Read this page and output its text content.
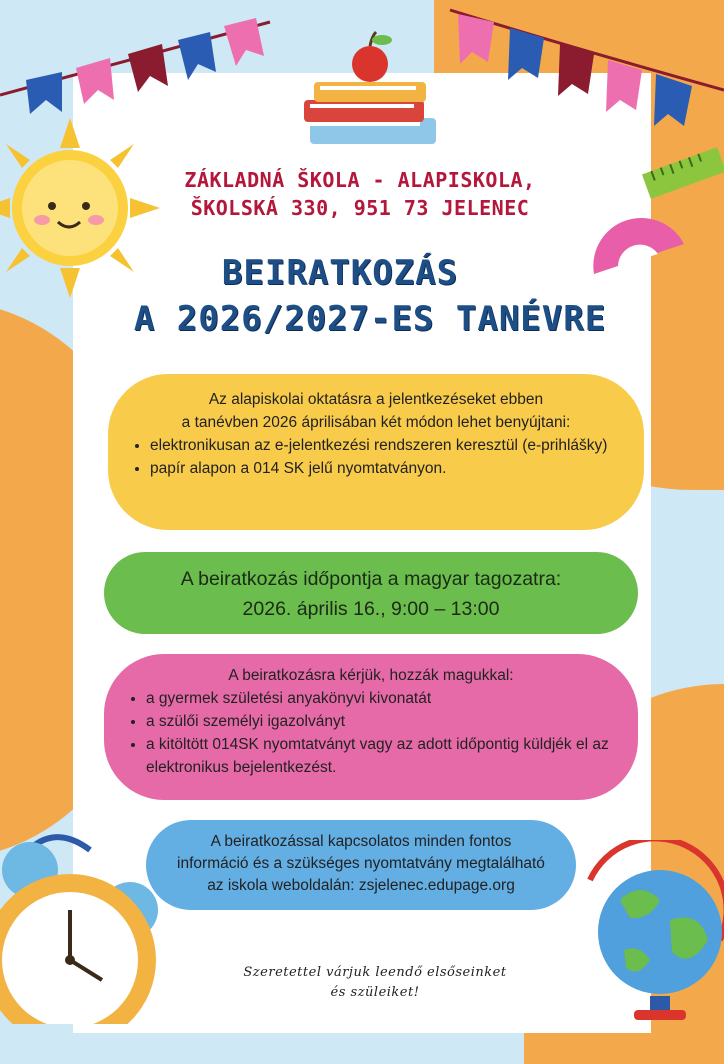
ZÁKLADNÁ ŠKOLA - ALAPISKOLA,
ŠKOLSKÁ 330, 951 73 JELENEC
BEIRATKOZÁS
A 2026/2027-ES TANÉVRE
Az alapiskolai oktatásra a jelentkezéseket ebben
a tanévben 2026 áprilisában két módon lehet benyújtani:
• elektronikusan az e-jelentkezési rendszeren keresztül (e-prihlášky)
• papír alapon a 014 SK jelű nyomtatványon.
A beiratkozás időpontja a magyar tagozatra:
2026. április 16., 9:00 – 13:00
A beiratkozásra kérjük, hozzák magukkal:
• a gyermek születési anyakönyvi kivonatát
• a szülői személyi igazolványt
• a kitöltött 014SK nyomtatványt vagy az adott időpontig küldjék el az elektronikus bejelentkezést.
A beiratkozással kapcsolatos minden fontos
információ és a szükséges nyomtatvány megtalálható
az iskola weboldalán: zsjelenec.edupage.org
Szeretettel várjuk leendő elsőseinket
és szüleiket!
